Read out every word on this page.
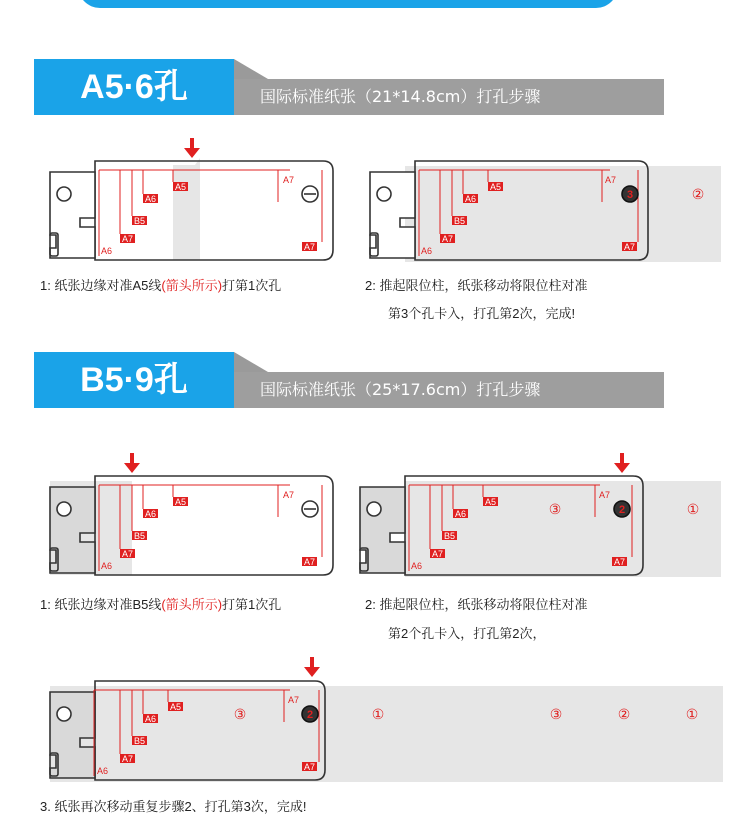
A5·6孔	国际标准纸张（21*14.8cm）打孔步骤
A5
A6
B5
A7
A6
A7
A7
A5
A6
B5
A7
A6
A7
A7
3	②
1: 纸张边缘对准A5线(箭头所示)打第1次孔	2: 推起限位柱，纸张移动将限位柱对准
第3个孔卡入，打孔第2次，完成!
B5·9孔	国际标准纸张（25*17.6cm）打孔步骤
A5
A6
B5
A7
A6
A7
A7
A5
A6
B5
A7
A6
A7
A7
③	2	①
1: 纸张边缘对准B5线(箭头所示)打第1次孔	2: 推起限位柱，纸张移动将限位柱对准
第2个孔卡入，打孔第2次，
A5
A6
B5
A7
A6
A7
A7
③	2	①	③	②	①
3. 纸张再次移动重复步骤2、打孔第3次，完成!
